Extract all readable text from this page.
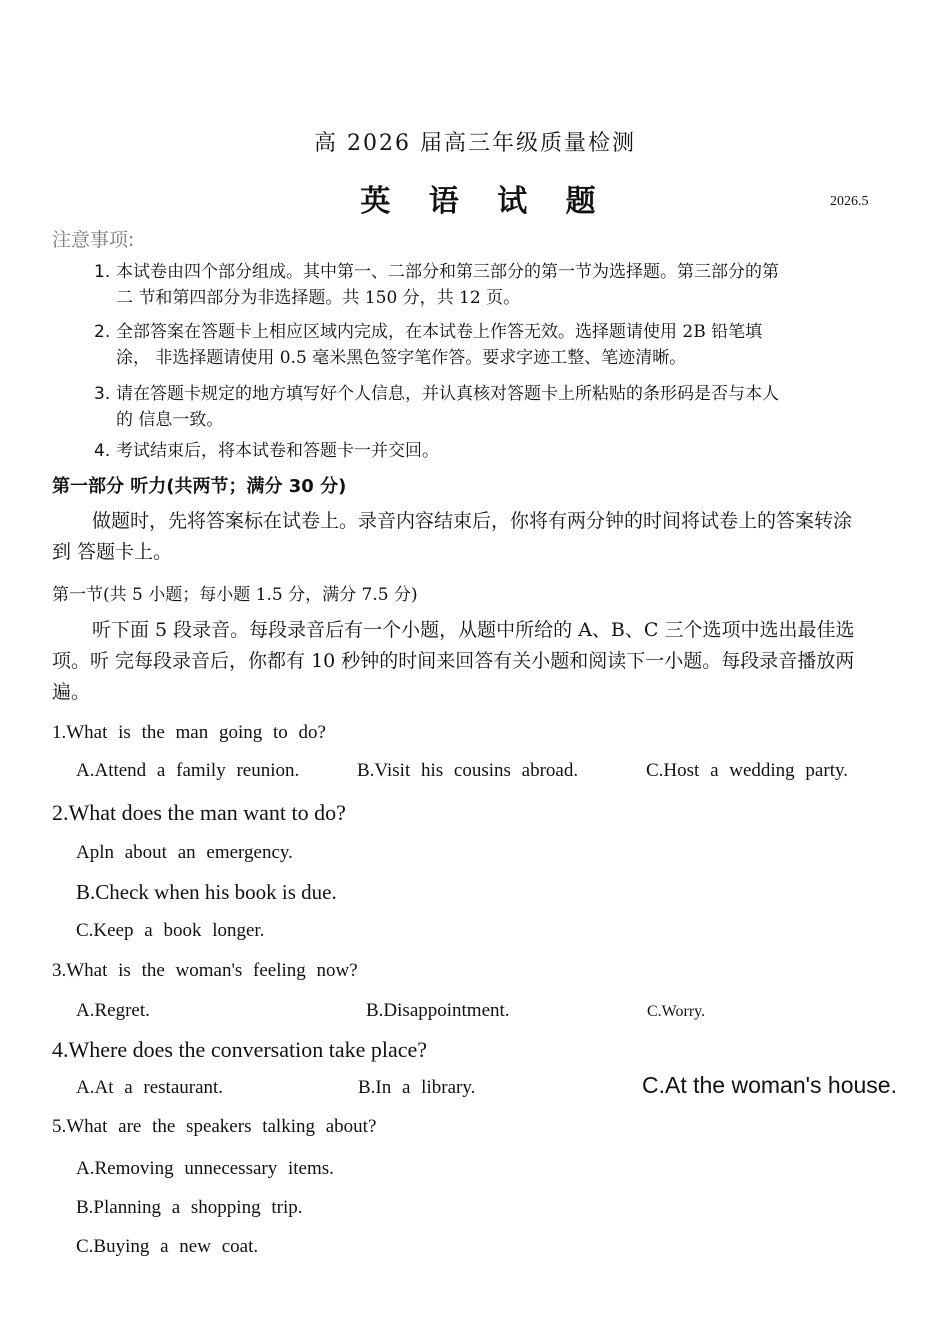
高 2026 届高三年级质量检测
英 语 试 题	2026.5
注意事项:
1. 本试卷由四个部分组成。其中第一、二部分和第三部分的第一节为选择题。第三部分的第
二 节和第四部分为非选择题。共 150 分，共 12 页。
2. 全部答案在答题卡上相应区域内完成，在本试卷上作答无效。选择题请使用 2B 铅笔填
涂， 非选择题请使用 0.5 毫米黑色签字笔作答。要求字迹工整、笔迹清晰。
3. 请在答题卡规定的地方填写好个人信息，并认真核对答题卡上所粘贴的条形码是否与本人
的 信息一致。
4. 考试结束后，将本试卷和答题卡一并交回。
第一部分 听力(共两节；满分 30 分)
做题时，先将答案标在试卷上。录音内容结束后，你将有两分钟的时间将试卷上的答案转涂
到 答题卡上。
第一节(共 5 小题；每小题 1.5 分，满分 7.5 分)
听下面 5 段录音。每段录音后有一个小题，从题中所给的 A、B、C 三个选项中选出最佳选
项。听 完每段录音后，你都有 10 秒钟的时间来回答有关小题和阅读下一小题。每段录音播放两
遍。
1.What is the man going to do?
A.Attend a family reunion.	B.Visit his cousins abroad.	C.Host a wedding party.
2.What does the man want to do?
Apln about an emergency.
B.Check when his book is due.
C.Keep a book longer.
3.What is the woman's feeling now?
A.Regret.	B.Disappointment.	C.Worry.
4.Where does the conversation take place?
A.At a restaurant.	B.In a library.	C.At the woman's house.
5.What are the speakers talking about?
A.Removing unnecessary items.
B.Planning a shopping trip.
C.Buying a new coat.
